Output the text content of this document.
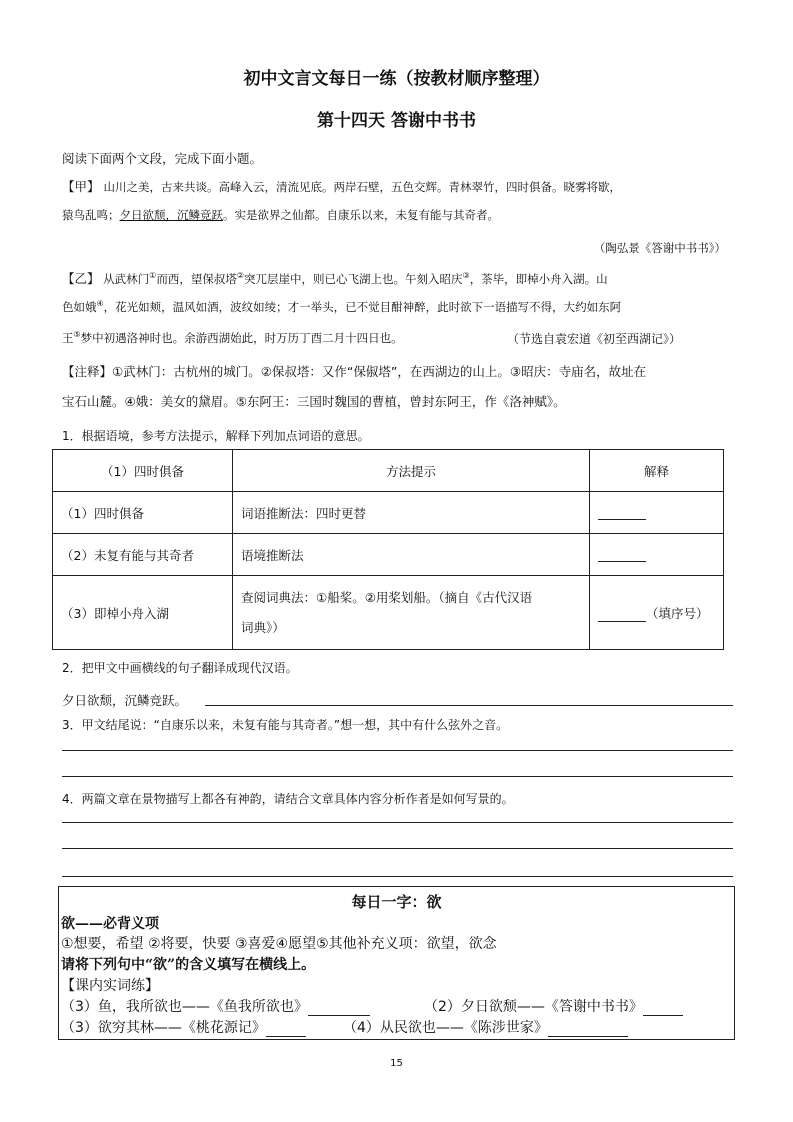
初中文言文每日一练（按教材顺序整理）
第十四天 答谢中书书
阅读下面两个文段，完成下面小题。
【甲】 山川之美，古来共谈。高峰入云，清流见底。两岸石壁，五色交辉。青林翠竹，四时俱备。晓雾将歇，
猿鸟乱鸣；夕日欲颓，沉鳞竞跃。实是欲界之仙都。自康乐以来，未复有能与其奇者。
（陶弘景《答谢中书书》）
【乙】 从武林门①而西，望保叔塔②突兀层崖中，则已心飞湖上也。午刻入昭庆③，茶毕，即棹小舟入湖。山
色如娥④，花光如颊，温风如酒，波纹如绫；才一举头，已不觉目酣神醉，此时欲下一语描写不得，大约如东阿
王⑤梦中初遇洛神时也。余游西湖始此，时万历丁酉二月十四日也。	（节选自袁宏道《初至西湖记》）
【注释】①武林门：古杭州的城门。②保叔塔：又作“保俶塔”，在西湖边的山上。③昭庆：寺庙名，故址在
宝石山麓。④娥：美女的黛眉。⑤东阿王：三国时魏国的曹植，曾封东阿王，作《洛神赋》。
1．根据语境，参考方法提示，解释下列加点词语的意思。
（1）四时俱备	方法提示	解释
（1）四时俱备	词语推断法：四时更替	
（2）未复有能与其奇者	语境推断法	
（3）即棹小舟入湖	查阅词典法：①船桨。②用桨划船。（摘自《古代汉语
词典》）	（填序号）
2．把甲文中画横线的句子翻译成现代汉语。
夕日欲颓，沉鳞竞跃。
3．甲文结尾说：“自康乐以来，未复有能与其奇者。”想一想，其中有什么弦外之音。
4．两篇文章在景物描写上都各有神韵，请结合文章具体内容分析作者是如何写景的。
每日一字：欲
欲——必背义项
①想要，希望 ②将要，快要 ③喜爱④愿望⑤其他补充义项：欲望，欲念
请将下列句中“欲”的含义填写在横线上。
【课内实词练】
（3）鱼，我所欲也——《鱼我所欲也》	（2）夕日欲颓——《答谢中书书》
（3）欲穷其林——《桃花源记》	（4）从民欲也——《陈涉世家》
15
